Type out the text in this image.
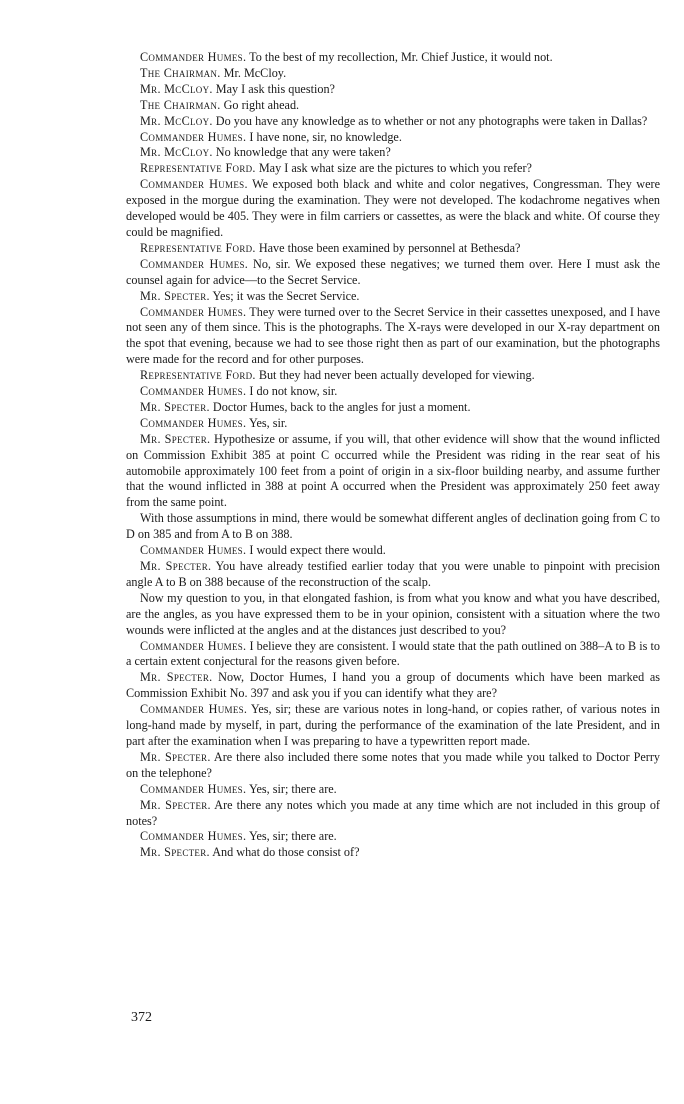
Commander Humes. To the best of my recollection, Mr. Chief Justice, it would not.

The Chairman. Mr. McCloy.

Mr. McCloy. May I ask this question?

The Chairman. Go right ahead.

Mr. McCloy. Do you have any knowledge as to whether or not any photographs were taken in Dallas?

Commander Humes. I have none, sir, no knowledge.

Mr. McCloy. No knowledge that any were taken?

Representative Ford. May I ask what size are the pictures to which you refer?

Commander Humes. We exposed both black and white and color negatives, Congressman. They were exposed in the morgue during the examination. They were not developed. The kodachrome negatives when developed would be 405. They were in film carriers or cassettes, as were the black and white. Of course they could be magnified.

Representative Ford. Have those been examined by personnel at Bethesda?

Commander Humes. No, sir. We exposed these negatives; we turned them over. Here I must ask the counsel again for advice—to the Secret Service.

Mr. Specter. Yes; it was the Secret Service.

Commander Humes. They were turned over to the Secret Service in their cassettes unexposed, and I have not seen any of them since. This is the photographs. The X-rays were developed in our X-ray department on the spot that evening, because we had to see those right then as part of our examination, but the photographs were made for the record and for other purposes.

Representative Ford. But they had never been actually developed for viewing.

Commander Humes. I do not know, sir.

Mr. Specter. Doctor Humes, back to the angles for just a moment.

Commander Humes. Yes, sir.

Mr. Specter. Hypothesize or assume, if you will, that other evidence will show that the wound inflicted on Commission Exhibit 385 at point C occurred while the President was riding in the rear seat of his automobile approximately 100 feet from a point of origin in a six-floor building nearby, and assume further that the wound inflicted in 388 at point A occurred when the President was approximately 250 feet away from the same point.

With those assumptions in mind, there would be somewhat different angles of declination going from C to D on 385 and from A to B on 388.

Commander Humes. I would expect there would.

Mr. Specter. You have already testified earlier today that you were unable to pinpoint with precision angle A to B on 388 because of the reconstruction of the scalp.

Now my question to you, in that elongated fashion, is from what you know and what you have described, are the angles, as you have expressed them to be in your opinion, consistent with a situation where the two wounds were inflicted at the angles and at the distances just described to you?

Commander Humes. I believe they are consistent. I would state that the path outlined on 388–A to B is to a certain extent conjectural for the reasons given before.

Mr. Specter. Now, Doctor Humes, I hand you a group of documents which have been marked as Commission Exhibit No. 397 and ask you if you can identify what they are?

Commander Humes. Yes, sir; these are various notes in long-hand, or copies rather, of various notes in long-hand made by myself, in part, during the performance of the examination of the late President, and in part after the examination when I was preparing to have a typewritten report made.

Mr. Specter. Are there also included there some notes that you made while you talked to Doctor Perry on the telephone?

Commander Humes. Yes, sir; there are.

Mr. Specter. Are there any notes which you made at any time which are not included in this group of notes?

Commander Humes. Yes, sir; there are.

Mr. Specter. And what do those consist of?

372
